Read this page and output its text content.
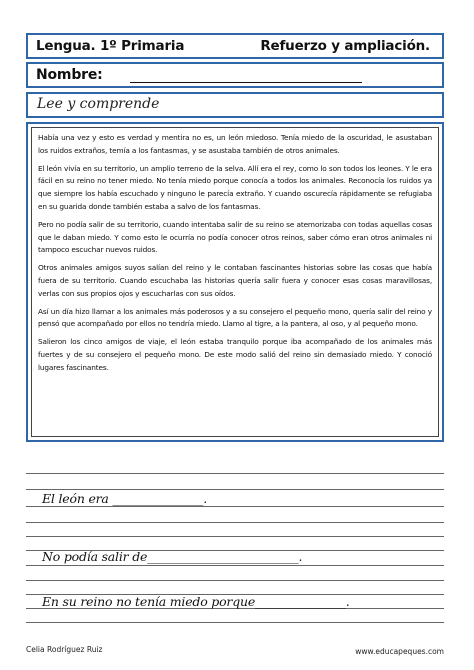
Lengua. 1º Primaria	Refuerzo y ampliación.
Nombre:
Lee y comprende

Había una vez y esto es verdad y mentira no es, un león miedoso. Tenía miedo de la oscuridad, le asustaban los ruidos extraños, temía a los fantasmas, y se asustaba también de otros animales.

El león vivía en su territorio, un amplio terreno de la selva. Allí era el rey, como lo son todos los leones. Y le era fácil en su reino no tener miedo. No tenía miedo porque conocía a todos los animales. Reconocía los ruidos ya que siempre los había escuchado y ninguno le parecía extraño. Y cuando oscurecía rápidamente se refugiaba en su guarida donde también estaba a salvo de los fantasmas.

Pero no podía salir de su territorio, cuando intentaba salir de su reino se atemorizaba con todas aquellas cosas que le daban miedo. Y como esto le ocurría no podía conocer otros reinos, saber cómo eran otros animales ni tampoco escuchar nuevos ruidos.

Otros animales amigos suyos salían del reino y le contaban fascinantes historias sobre las cosas que había fuera de su territorio. Cuando escuchaba las historias quería salir fuera y conocer esas cosas maravillosas, verlas con sus propios ojos y escucharlas con sus oídos.

Así un día hizo llamar a los animales más poderosos y a su consejero el pequeño mono, quería salir del reino y pensó que acompañado por ellos no tendría miedo. Llamo al tigre, a la pantera, al oso, y al pequeño mono.

Salieron los cinco amigos de viaje, el león estaba tranquilo porque iba acompañado de los animales más fuertes y de su consejero el pequeño mono. De este modo salió del reino sin demasiado miedo. Y conoció lugares fascinantes.

El león era _______________.
No podía salir de_________________________.
En su reino no tenía miedo porque_______________.
Celia Rodríguez Ruiz	www.educapeques.com
